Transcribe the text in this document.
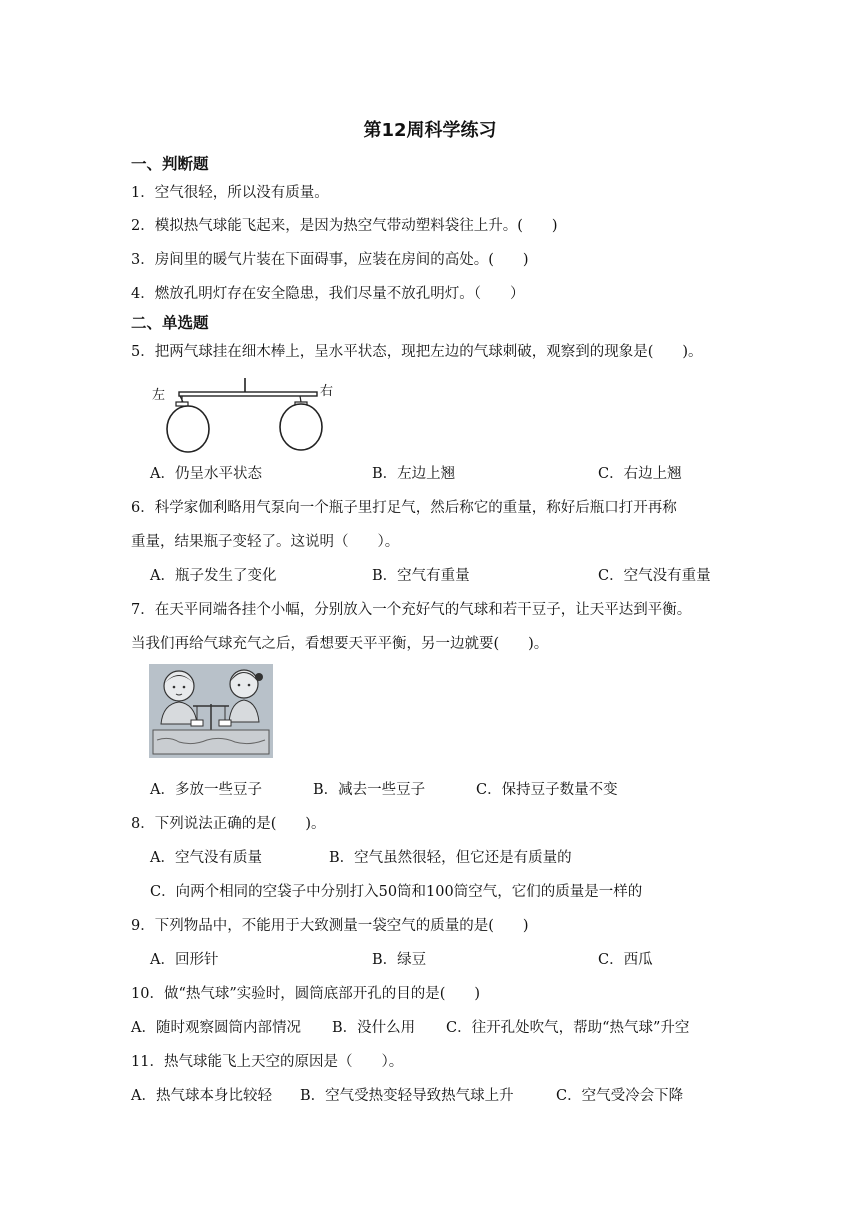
第12周科学练习
一、判断题
1．空气很轻，所以没有质量。
2．模拟热气球能飞起来，是因为热空气带动塑料袋往上升。(　　)
3．房间里的暖气片装在下面碍事，应装在房间的高处。(　　)
4．燃放孔明灯存在安全隐患，我们尽量不放孔明灯。（　　）
二、单选题
5．把两气球挂在细木棒上，呈水平状态，现把左边的气球刺破，观察到的现象是(　　)。
左	右
A．仍呈水平状态	B．左边上翘	C．右边上翘
6．科学家伽利略用气泵向一个瓶子里打足气，然后称它的重量，称好后瓶口打开再称
重量，结果瓶子变轻了。这说明（　　）。
A．瓶子发生了变化	B．空气有重量	C．空气没有重量
7．在天平同端各挂个小幅，分别放入一个充好气的气球和若干豆子，让天平达到平衡。
当我们再给气球充气之后，看想要天平平衡，另一边就要(　　)。
A．多放一些豆子	B．减去一些豆子	C．保持豆子数量不变
8．下列说法正确的是(　　)。
A．空气没有质量	B．空气虽然很轻，但它还是有质量的
C．向两个相同的空袋子中分别打入50筒和100筒空气，它们的质量是一样的
9．下列物品中，不能用于大致测量一袋空气的质量的是(　　)
A．回形针	B．绿豆	C．西瓜
10．做“热气球”实验时，圆筒底部开孔的目的是(　　)
A．随时观察圆筒内部情况 B．没什么用 C．往开孔处吹气，帮助“热气球”升空
11．热气球能飞上天空的原因是（　　）。
A．热气球本身比较轻 B．空气受热变轻导致热气球上升	C．空气受冷会下降
